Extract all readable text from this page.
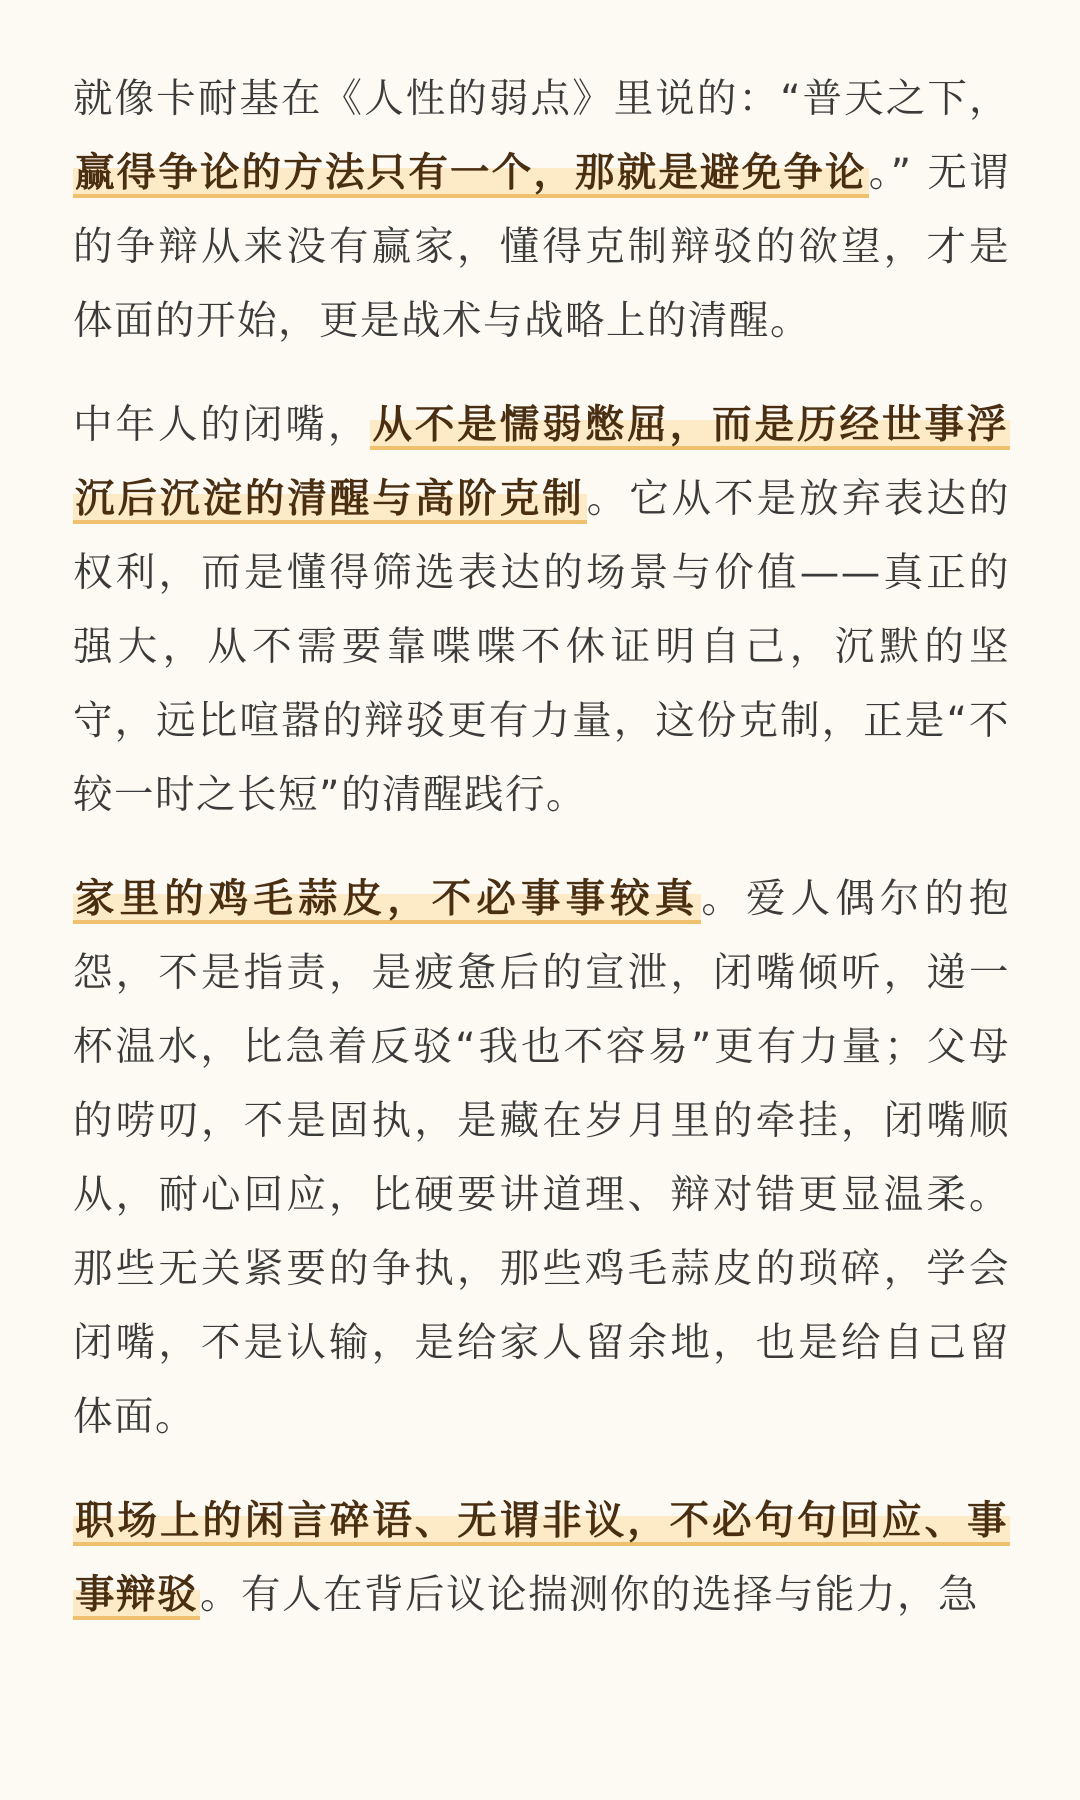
就像卡耐基在《人性的弱点》里说的：“普天之下，赢得争论的方法只有一个，那就是避免争论。” 无谓的争辩从来没有赢家，懂得克制辩驳的欲望，才是体面的开始，更是战术与战略上的清醒。

中年人的闭嘴，从不是懦弱憋屈，而是历经世事浮沉后沉淀的清醒与高阶克制。它从不是放弃表达的权利，而是懂得筛选表达的场景与价值——真正的强大，从不需要靠喋喋不休证明自己，沉默的坚守，远比喧嚣的辩驳更有力量，这份克制，正是“不较一时之长短”的清醒践行。

家里的鸡毛蒜皮，不必事事较真。爱人偶尔的抱怨，不是指责，是疲惫后的宣泄，闭嘴倾听，递一杯温水，比急着反驳“我也不容易”更有力量；父母的唠叨，不是固执，是藏在岁月里的牵挂，闭嘴顺从，耐心回应，比硬要讲道理、辩对错更显温柔。那些无关紧要的争执，那些鸡毛蒜皮的琐碎，学会闭嘴，不是认输，是给家人留余地，也是给自己留体面。

职场上的闲言碎语、无谓非议，不必句句回应、事事辩驳。有人在背后议论揣测你的选择与能力，急
